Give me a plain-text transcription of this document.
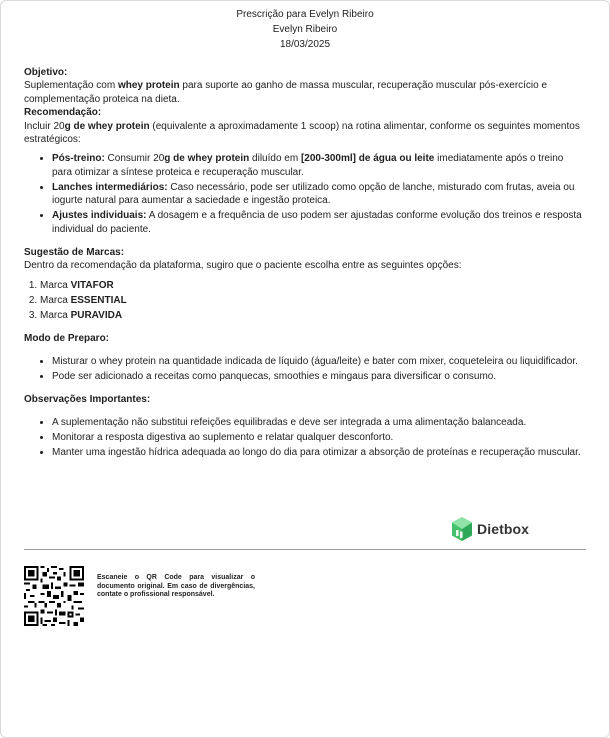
Prescrição para Evelyn Ribeiro
Evelyn Ribeiro
18/03/2025

Objetivo:

Suplementação com whey protein para suporte ao ganho de massa muscular, recuperação muscular pós-exercício e complementação proteica na dieta.

Recomendação:

Incluir 20g de whey protein (equivalente a aproximadamente 1 scoop) na rotina alimentar, conforme os seguintes momentos estratégicos:

• Pós-treino: Consumir 20g de whey protein diluído em [200-300ml] de água ou leite imediatamente após o treino para otimizar a síntese proteica e recuperação muscular.
• Lanches intermediários: Caso necessário, pode ser utilizado como opção de lanche, misturado com frutas, aveia ou iogurte natural para aumentar a saciedade e ingestão proteica.
• Ajustes individuais: A dosagem e a frequência de uso podem ser ajustadas conforme evolução dos treinos e resposta individual do paciente.

Sugestão de Marcas:

Dentro da recomendação da plataforma, sugiro que o paciente escolha entre as seguintes opções:

1. Marca VITAFOR
2. Marca ESSENTIAL
3. Marca PURAVIDA

Modo de Preparo:

• Misturar o whey protein na quantidade indicada de líquido (água/leite) e bater com mixer, coqueteleira ou liquidificador.
• Pode ser adicionado a receitas como panquecas, smoothies e mingaus para diversificar o consumo.

Observações Importantes:

• A suplementação não substitui refeições equilibradas e deve ser integrada a uma alimentação balanceada.
• Monitorar a resposta digestiva ao suplemento e relatar qualquer desconforto.
• Manter uma ingestão hídrica adequada ao longo do dia para otimizar a absorção de proteínas e recuperação muscular.
Dietbox
Escaneie o QR Code para visualizar o documento original. Em caso de divergências, contate o profissional responsável.
